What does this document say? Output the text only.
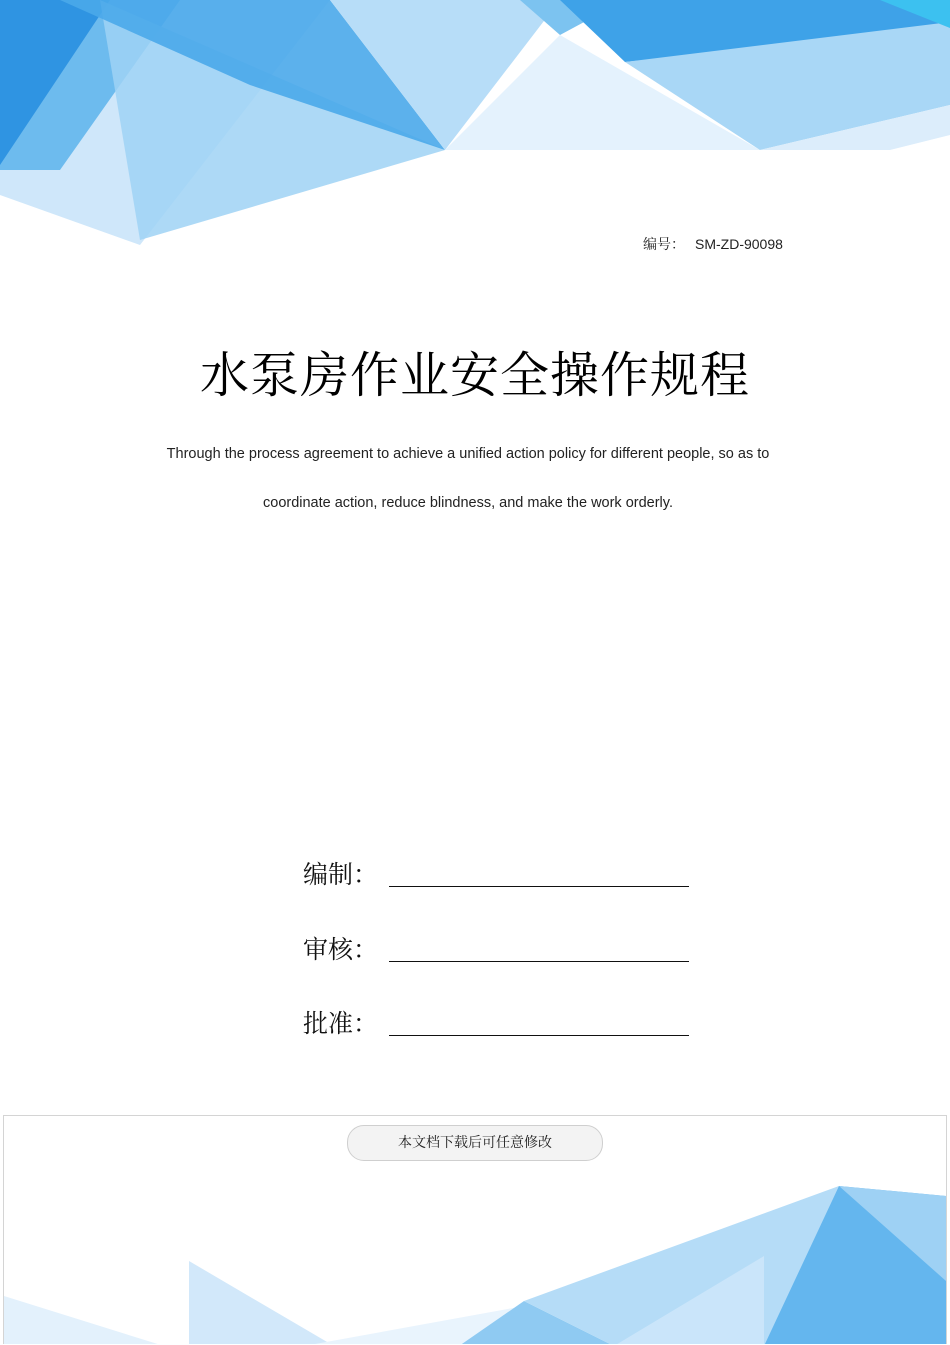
编号： SM-ZD-90098
水泵房作业安全操作规程
Through the process agreement to achieve a unified action policy for different people, so as to
coordinate action, reduce blindness, and make the work orderly.
编制：
审核：
批准：
本文档下载后可任意修改
